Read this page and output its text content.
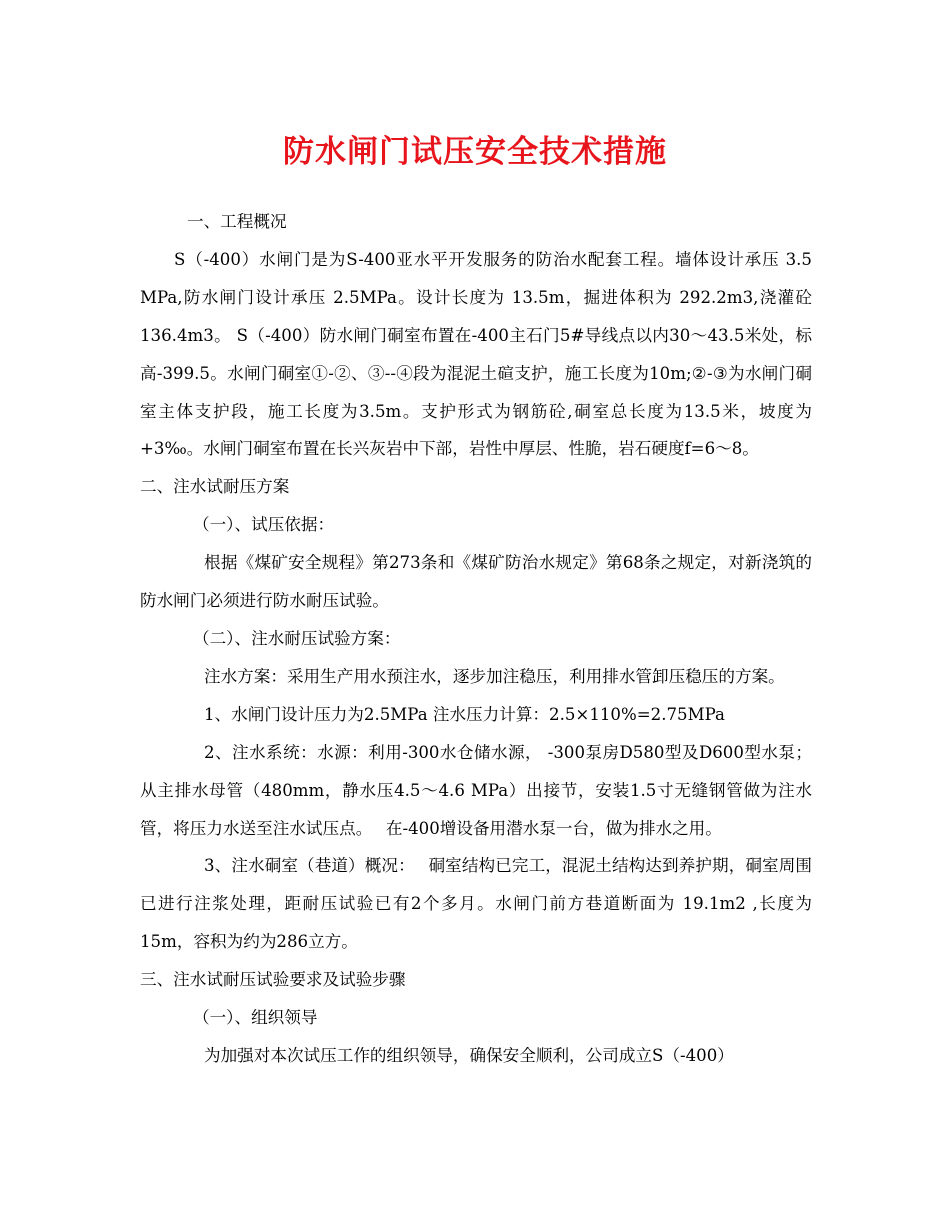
防水闸门试压安全技术措施

一、工程概况

S（-400）水闸门是为S-400亚水平开发服务的防治水配套工程。墙体设计承压 3.5 MPa,防水闸门设计承压 2.5MPa。设计长度为 13.5m，掘进体积为 292.2m3,浇灌砼 136.4m3。 S（-400）防水闸门硐室布置在-400主石门5#导线点以内30～43.5米处，标高-399.5。水闸门硐室①-②、③--④段为混泥土碹支护，施工长度为10m;②-③为水闸门硐室主体支护段，施工长度为3.5m。支护形式为钢筋砼,硐室总长度为13.5米，坡度为+3‰。水闸门硐室布置在长兴灰岩中下部，岩性中厚层、性脆，岩石硬度f=6～8。

二、注水试耐压方案

（一）、试压依据：

根据《煤矿安全规程》第273条和《煤矿防治水规定》第68条之规定，对新浇筑的防水闸门必须进行防水耐压试验。

（二）、注水耐压试验方案：

注水方案：采用生产用水预注水，逐步加注稳压，利用排水管卸压稳压的方案。

1、水闸门设计压力为2.5MPa 注水压力计算：2.5×110%=2.75MPa

2、注水系统：水源：利用-300水仓储水源， -300泵房D580型及D600型水泵；从主排水母管（480mm，静水压4.5～4.6 MPa）出接节，安装1.5寸无缝钢管做为注水管，将压力水送至注水试压点。　 在-400增设备用潜水泵一台，做为排水之用。

3、注水硐室（巷道）概况：　 硐室结构已完工，混泥土结构达到养护期，硐室周围已进行注浆处理，距耐压试验已有2个多月。水闸门前方巷道断面为 19.1m2 ,长度为15m，容积为约为286立方。

三、注水试耐压试验要求及试验步骤

（一）、组织领导

为加强对本次试压工作的组织领导，确保安全顺利，公司成立S（-400）
